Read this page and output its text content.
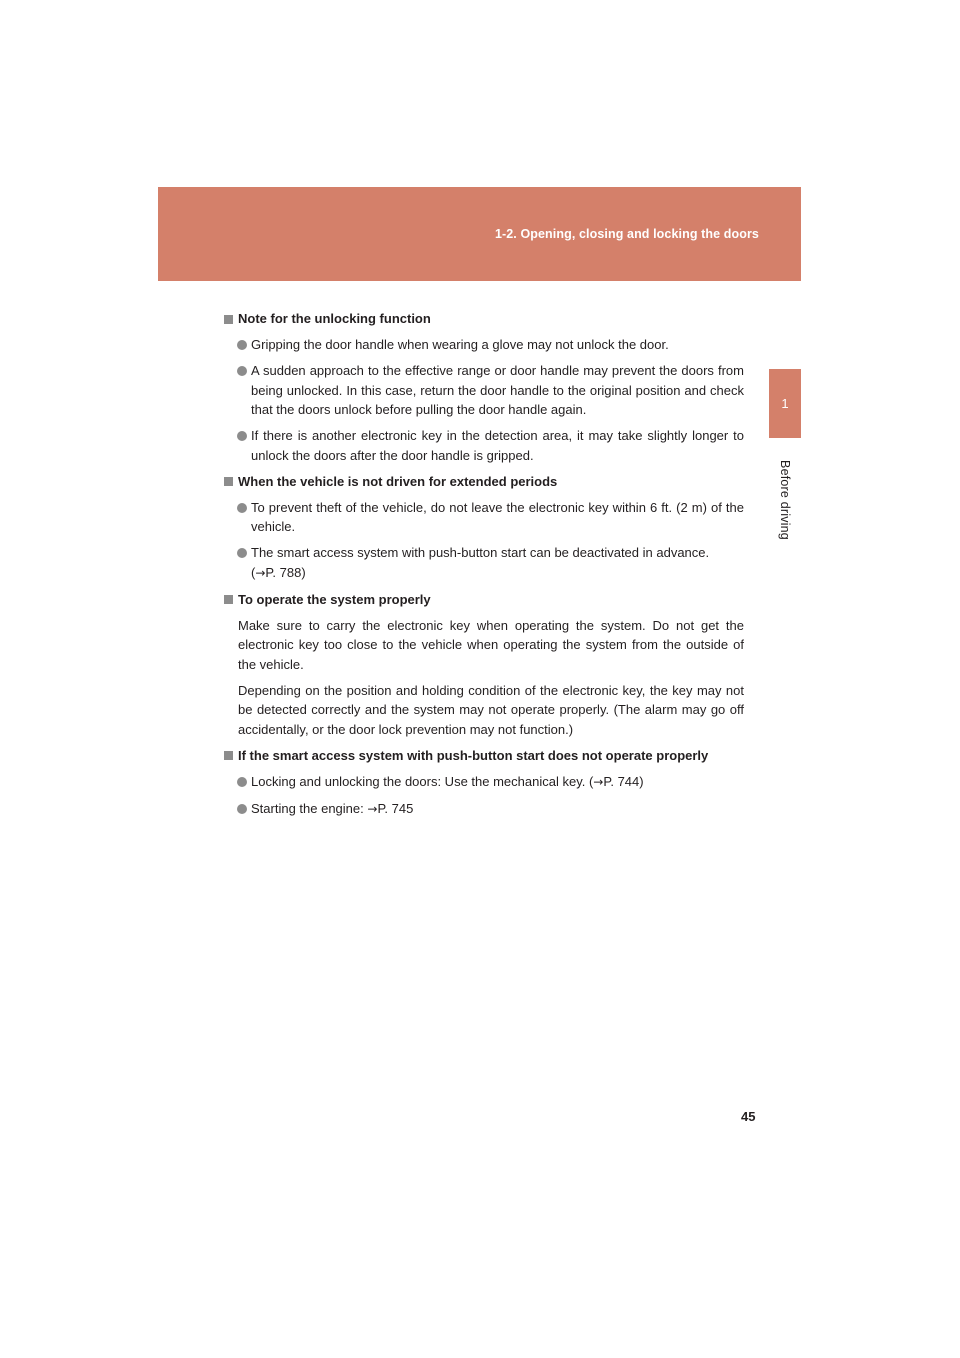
1-2. Opening, closing and locking the doors
1
Before driving
Note for the unlocking function
Gripping the door handle when wearing a glove may not unlock the door.
A sudden approach to the effective range or door handle may prevent the doors from being unlocked. In this case, return the door handle to the original position and check that the doors unlock before pulling the door handle again.
If there is another electronic key in the detection area, it may take slightly longer to unlock the doors after the door handle is gripped.
When the vehicle is not driven for extended periods
To prevent theft of the vehicle, do not leave the electronic key within 6 ft. (2 m) of the vehicle.
The smart access system with push-button start can be deactivated in advance.
(→P. 788)
To operate the system properly
Make sure to carry the electronic key when operating the system. Do not get the electronic key too close to the vehicle when operating the system from the outside of the vehicle.
Depending on the position and holding condition of the electronic key, the key may not be detected correctly and the system may not operate properly. (The alarm may go off accidentally, or the door lock prevention may not function.)
If the smart access system with push-button start does not operate properly
Locking and unlocking the doors: Use the mechanical key. (→P. 744)
Starting the engine: →P. 745
45
